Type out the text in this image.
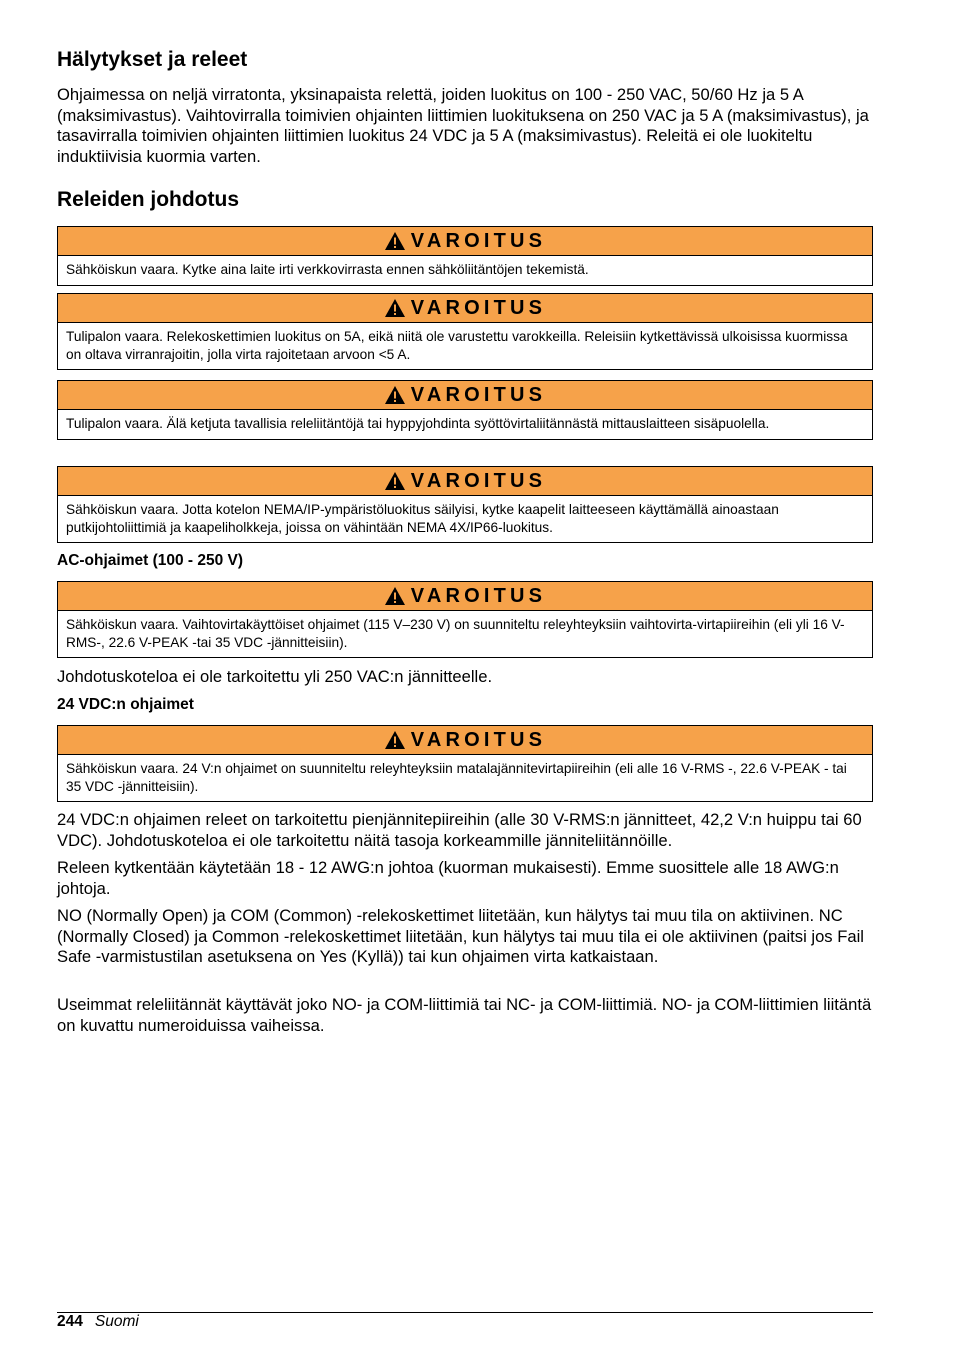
Hälytykset ja releet

Ohjaimessa on neljä virratonta, yksinapaista relettä, joiden luokitus on 100 - 250 VAC, 50/60 Hz ja 5 A (maksimivastus). Vaihtovirralla toimivien ohjainten liittimien luokituksena on 250 VAC ja 5 A (maksimivastus), ja tasavirralla toimivien ohjainten liittimien luokitus 24 VDC ja 5 A (maksimivastus). Releitä ei ole luokiteltu induktiivisia kuormia varten.

Releiden johdotus
VAROITUS
Sähköiskun vaara. Kytke aina laite irti verkkovirrasta ennen sähköliitäntöjen tekemistä.
VAROITUS
Tulipalon vaara. Relekoskettimien luokitus on 5A, eikä niitä ole varustettu varokkeilla. Releisiin kytkettävissä ulkoisissa kuormissa on oltava virranrajoitin, jolla virta rajoitetaan arvoon <5 A.
VAROITUS
Tulipalon vaara. Älä ketjuta tavallisia releliitäntöjä tai hyppyjohdinta syöttövirtaliitännästä mittauslaitteen sisäpuolella.
VAROITUS
Sähköiskun vaara. Jotta kotelon NEMA/IP-ympäristöluokitus säilyisi, kytke kaapelit laitteeseen käyttämällä ainoastaan putkijohtoliittimiä ja kaapeliholkkeja, joissa on vähintään NEMA 4X/IP66-luokitus.
AC-ohjaimet (100 - 250 V)
VAROITUS
Sähköiskun vaara. Vaihtovirtakäyttöiset ohjaimet (115 V–230 V) on suunniteltu releyhteyksiin vaihtovirta-virtapiireihin (eli yli 16 V-RMS-, 22.6 V-PEAK -tai 35 VDC -jännitteisiin).

Johdotuskoteloa ei ole tarkoitettu yli 250 VAC:n jännitteelle.

24 VDC:n ohjaimet
VAROITUS
Sähköiskun vaara. 24 V:n ohjaimet on suunniteltu releyhteyksiin matalajännitevirtapiireihin (eli alle 16 V-RMS -, 22.6 V-PEAK - tai 35 VDC -jännitteisiin).

24 VDC:n ohjaimen releet on tarkoitettu pienjännitepiireihin (alle 30 V-RMS:n jännitteet, 42,2 V:n huippu tai 60 VDC). Johdotuskoteloa ei ole tarkoitettu näitä tasoja korkeammille jänniteliitännöille.

Releen kytkentään käytetään 18 - 12 AWG:n johtoa (kuorman mukaisesti). Emme suosittele alle 18 AWG:n johtoja.

NO (Normally Open) ja COM (Common) -relekoskettimet liitetään, kun hälytys tai muu tila on aktiivinen. NC (Normally Closed) ja Common -relekoskettimet liitetään, kun hälytys tai muu tila ei ole aktiivinen (paitsi jos Fail Safe -varmistustilan asetuksena on Yes (Kyllä)) tai kun ohjaimen virta katkaistaan.

Useimmat releliitännät käyttävät joko NO- ja COM-liittimiä tai NC- ja COM-liittimiä. NO- ja COM-liittimien liitäntä on kuvattu numeroiduissa vaiheissa.

244 Suomi
